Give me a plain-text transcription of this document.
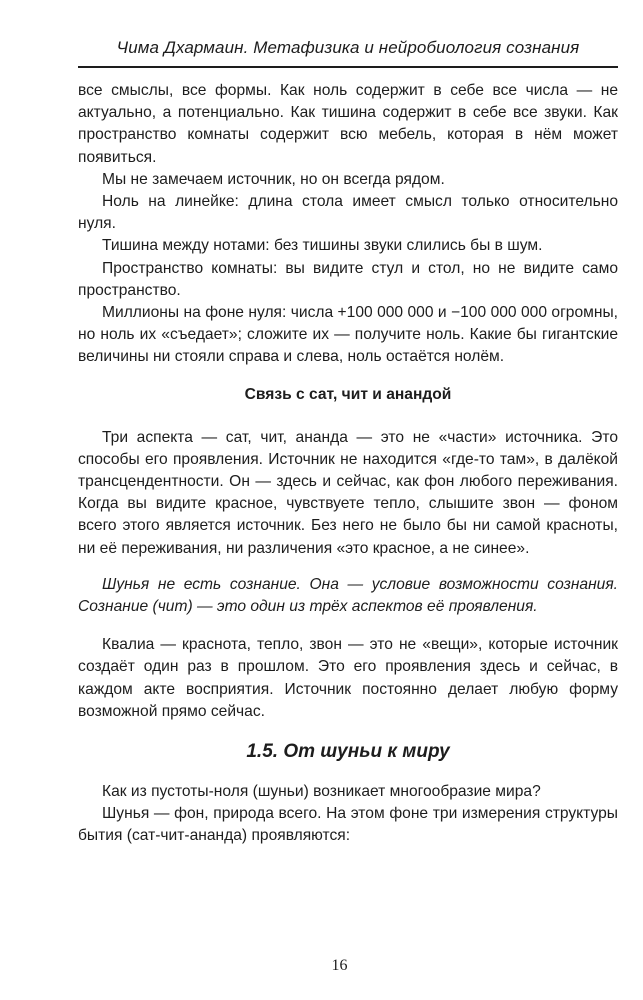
Чима Дхармаин. Метафизика и нейробиология сознания

все смыслы, все формы. Как ноль содержит в себе все числа — не актуально, а потенциально. Как тишина содержит в себе все звуки. Как пространство комнаты содержит всю мебель, которая в нём может появиться.

Мы не замечаем источник, но он всегда рядом.

Ноль на линейке: длина стола имеет смысл только относительно нуля.

Тишина между нотами: без тишины звуки слились бы в шум.

Пространство комнаты: вы видите стул и стол, но не видите само пространство.

Миллионы на фоне нуля: числа +100 000 000 и −100 000 000 огромны, но ноль их «съедает»; сложите их — получите ноль. Какие бы гигантские величины ни стояли справа и слева, ноль остаётся нолём.

Связь с сат, чит и анандой

Три аспекта — сат, чит, ананда — это не «части» источника. Это способы его проявления. Источник не находится «где-то там», в далёкой трансцендентности. Он — здесь и сейчас, как фон любого переживания. Когда вы видите красное, чувствуете тепло, слышите звон — фоном всего этого является источник. Без него не было бы ни самой красноты, ни её переживания, ни различения «это красное, а не синее».

Шунья не есть сознание. Она — условие возможности сознания. Сознание (чит) — это один из трёх аспектов её проявления.

Квалиа — краснота, тепло, звон — это не «вещи», которые источник создаёт один раз в прошлом. Это его проявления здесь и сейчас, в каждом акте восприятия. Источник постоянно делает любую форму возможной прямо сейчас.

1.5. От шуньи к миру

Как из пустоты-ноля (шуньи) возникает многообразие мира?

Шунья — фон, природа всего. На этом фоне три измерения структуры бытия (сат-чит-ананда) проявляются:

16
